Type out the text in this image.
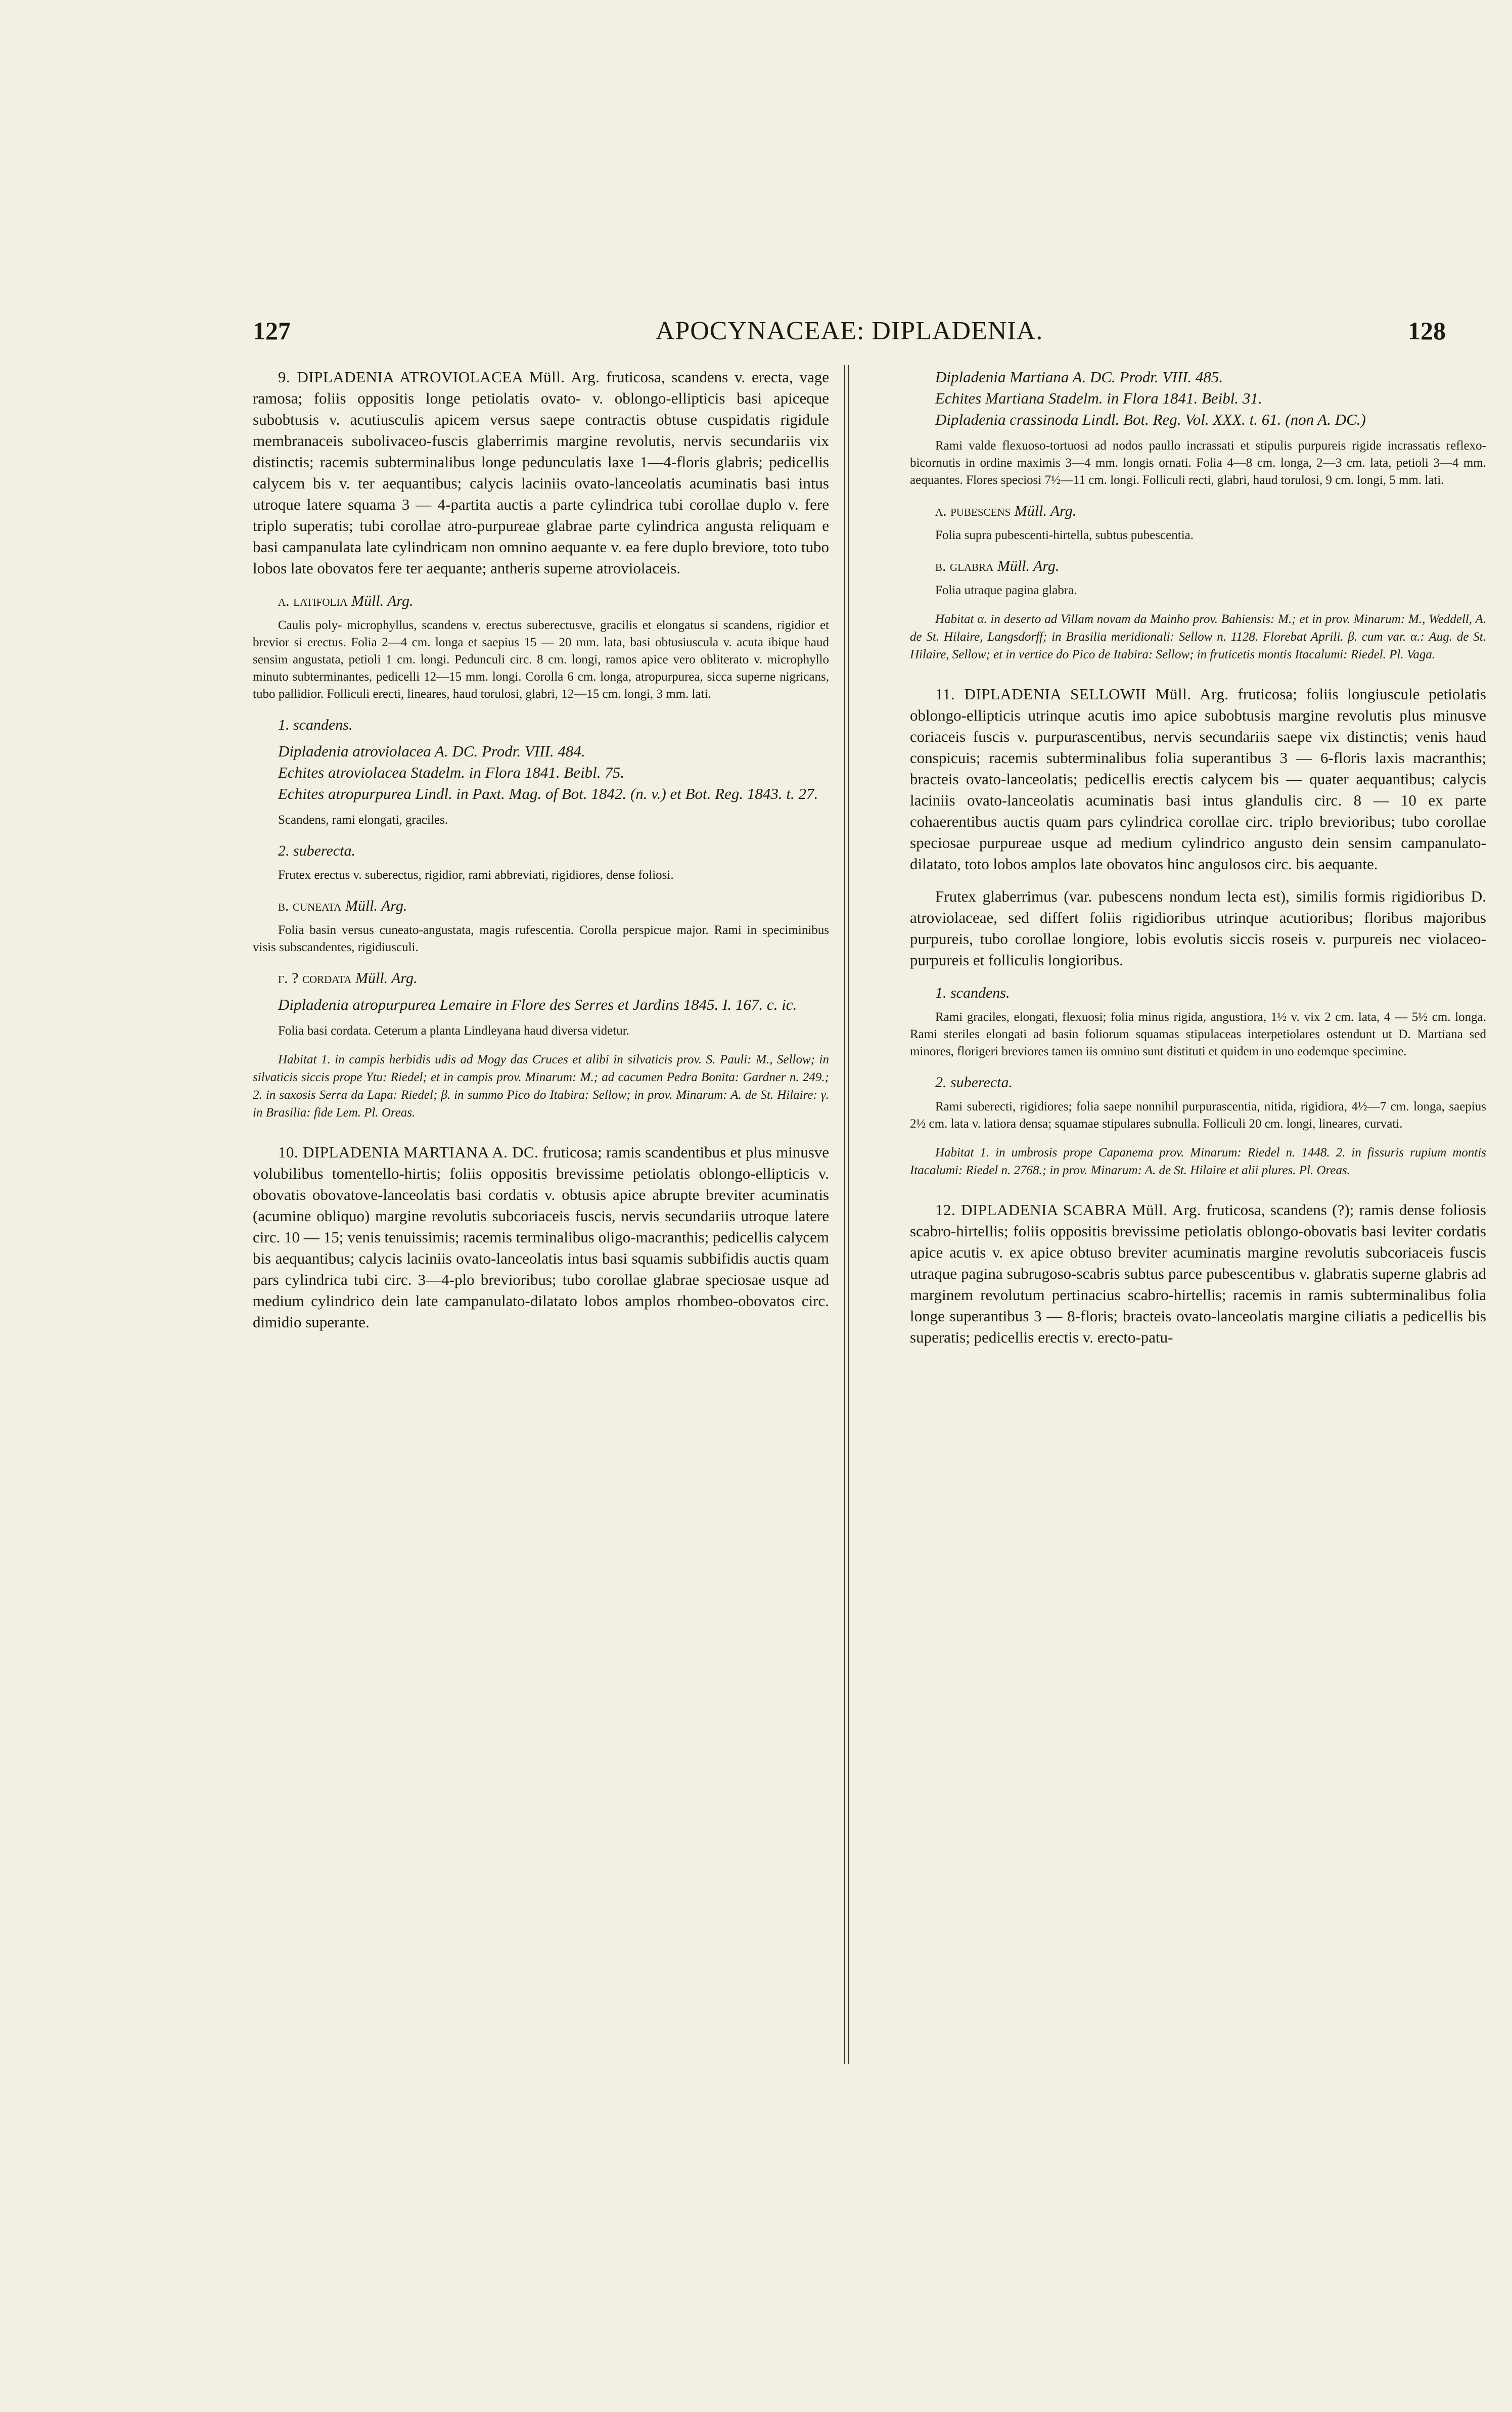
127	APOCYNACEAE: DIPLADENIA.	128

9. DIPLADENIA ATROVIOLACEA Müll. Arg. fruticosa, scandens v. erecta, vage ramosa; foliis oppositis longe petiolatis ovato- v. oblongo-ellipticis basi apiceque subobtusis v. acutiusculis apicem versus saepe contractis obtuse cuspidatis rigidule membranaceis subolivaceo-fuscis glaberrimis margine revolutis, nervis secundariis vix distinctis; racemis subterminalibus longe pedunculatis laxe 1—4-floris glabris; pedicellis calycem bis v. ter aequantibus; calycis laciniis ovato-lanceolatis acuminatis basi intus utroque latere squama 3 — 4-partita auctis a parte cylindrica tubi corollae duplo v. fere triplo superatis; tubi corollae atro-purpureae glabrae parte cylindrica angusta reliquam e basi campanulata late cylindricam non omnino aequante v. ea fere duplo breviore, toto tubo lobos late obovatos fere ter aequante; antheris superne atroviolaceis.

α. latifolia Müll. Arg.

Caulis poly- microphyllus, scandens v. erectus suberectusve, gracilis et elongatus si scandens, rigidior et brevior si erectus. Folia 2—4 cm. longa et saepius 15 — 20 mm. lata, basi obtusiuscula v. acuta ibique haud sensim angustata, petioli 1 cm. longi. Pedunculi circ. 8 cm. longi, ramos apice vero obliterato v. microphyllo minuto subterminantes, pedicelli 12—15 mm. longi. Corolla 6 cm. longa, atropurpurea, sicca superne nigricans, tubo pallidior. Folliculi erecti, lineares, haud torulosi, glabri, 12—15 cm. longi, 3 mm. lati.

1. scandens.

Dipladenia atroviolacea A. DC. Prodr. VIII. 484.

Echites atroviolacea Stadelm. in Flora 1841. Beibl. 75.

Echites atropurpurea Lindl. in Paxt. Mag. of Bot. 1842. (n. v.) et Bot. Reg. 1843. t. 27.

Scandens, rami elongati, graciles.

2. suberecta.

Frutex erectus v. suberectus, rigidior, rami abbreviati, rigidiores, dense foliosi.

β. cuneata Müll. Arg.

Folia basin versus cuneato-angustata, magis rufescentia. Corolla perspicue major. Rami in speciminibus visis subscandentes, rigidiusculi.

γ. ? cordata Müll. Arg.

Dipladenia atropurpurea Lemaire in Flore des Serres et Jardins 1845. I. 167. c. ic.

Folia basi cordata. Ceterum a planta Lindleyana haud diversa videtur.

Habitat 1. in campis herbidis udis ad Mogy das Cruces et alibi in silvaticis prov. S. Pauli: M., Sellow; in silvaticis siccis prope Ytu: Riedel; et in campis prov. Minarum: M.; ad cacumen Pedra Bonita: Gardner n. 249.; 2. in saxosis Serra da Lapa: Riedel; β. in summo Pico do Itabira: Sellow; in prov. Minarum: A. de St. Hilaire: γ. in Brasilia: fide Lem. Pl. Oreas.

10. DIPLADENIA MARTIANA A. DC. fruticosa; ramis scandentibus et plus minusve volubilibus tomentello-hirtis; foliis oppositis brevissime petiolatis oblongo-ellipticis v. obovatis obovatove-lanceolatis basi cordatis v. obtusis apice abrupte breviter acuminatis (acumine obliquo) margine revolutis subcoriaceis fuscis, nervis secundariis utroque latere circ. 10 — 15; venis tenuissimis; racemis terminalibus oligo-macranthis; pedicellis calycem bis aequantibus; calycis laciniis ovato-lanceolatis intus basi squamis subbifidis auctis quam pars cylindrica tubi circ. 3—4-plo brevioribus; tubo corollae glabrae speciosae usque ad medium cylindrico dein late campanulato-dilatato lobos amplos rhombeo-obovatos circ. dimidio superante.

Dipladenia Martiana A. DC. Prodr. VIII. 485.

Echites Martiana Stadelm. in Flora 1841. Beibl. 31.

Dipladenia crassinoda Lindl. Bot. Reg. Vol. XXX. t. 61. (non A. DC.)

Rami valde flexuoso-tortuosi ad nodos paullo incrassati et stipulis purpureis rigide incrassatis reflexo-bicornutis in ordine maximis 3—4 mm. longis ornati. Folia 4—8 cm. longa, 2—3 cm. lata, petioli 3—4 mm. aequantes. Flores speciosi 7½—11 cm. longi. Folliculi recti, glabri, haud torulosi, 9 cm. longi, 5 mm. lati.

α. pubescens Müll. Arg.

Folia supra pubescenti-hirtella, subtus pubescentia.

β. glabra Müll. Arg.

Folia utraque pagina glabra.

Habitat α. in deserto ad Villam novam da Mainho prov. Bahiensis: M.; et in prov. Minarum: M., Weddell, A. de St. Hilaire, Langsdorff; in Brasilia meridionali: Sellow n. 1128. Florebat Aprili. β. cum var. α.: Aug. de St. Hilaire, Sellow; et in vertice do Pico de Itabira: Sellow; in fruticetis montis Itacalumi: Riedel. Pl. Vaga.

11. DIPLADENIA SELLOWII Müll. Arg. fruticosa; foliis longiuscule petiolatis oblongo-ellipticis utrinque acutis imo apice subobtusis margine revolutis plus minusve coriaceis fuscis v. purpurascentibus, nervis secundariis saepe vix distinctis; venis haud conspicuis; racemis subterminalibus folia superantibus 3 — 6-floris laxis macranthis; bracteis ovato-lanceolatis; pedicellis erectis calycem bis — quater aequantibus; calycis laciniis ovato-lanceolatis acuminatis basi intus glandulis circ. 8 — 10 ex parte cohaerentibus auctis quam pars cylindrica corollae circ. triplo brevioribus; tubo corollae speciosae purpureae usque ad medium cylindrico angusto dein sensim campanulato-dilatato, toto lobos amplos late obovatos hinc angulosos circ. bis aequante.

Frutex glaberrimus (var. pubescens nondum lecta est), similis formis rigidioribus D. atroviolaceae, sed differt foliis rigidioribus utrinque acutioribus; floribus majoribus purpureis, tubo corollae longiore, lobis evolutis siccis roseis v. purpureis nec violaceo-purpureis et folliculis longioribus.

1. scandens.

Rami graciles, elongati, flexuosi; folia minus rigida, angustiora, 1½ v. vix 2 cm. lata, 4 — 5½ cm. longa. Rami steriles elongati ad basin foliorum squamas stipulaceas interpetiolares ostendunt ut D. Martiana sed minores, florigeri breviores tamen iis omnino sunt distituti et quidem in uno eodemque specimine.

2. suberecta.

Rami suberecti, rigidiores; folia saepe nonnihil purpurascentia, nitida, rigidiora, 4½—7 cm. longa, saepius 2½ cm. lata v. latiora densa; squamae stipulares subnulla. Folliculi 20 cm. longi, lineares, curvati.

Habitat 1. in umbrosis prope Capanema prov. Minarum: Riedel n. 1448. 2. in fissuris rupium montis Itacalumi: Riedel n. 2768.; in prov. Minarum: A. de St. Hilaire et alii plures. Pl. Oreas.

12. DIPLADENIA SCABRA Müll. Arg. fruticosa, scandens (?); ramis dense foliosis scabro-hirtellis; foliis oppositis brevissime petiolatis oblongo-obovatis basi leviter cordatis apice acutis v. ex apice obtuso breviter acuminatis margine revolutis subcoriaceis fuscis utraque pagina subrugoso-scabris subtus parce pubescentibus v. glabratis superne glabris ad marginem revolutum pertinacius scabro-hirtellis; racemis in ramis subterminalibus folia longe superantibus 3 — 8-floris; bracteis ovato-lanceolatis margine ciliatis a pedicellis bis superatis; pedicellis erectis v. erecto-patu-
